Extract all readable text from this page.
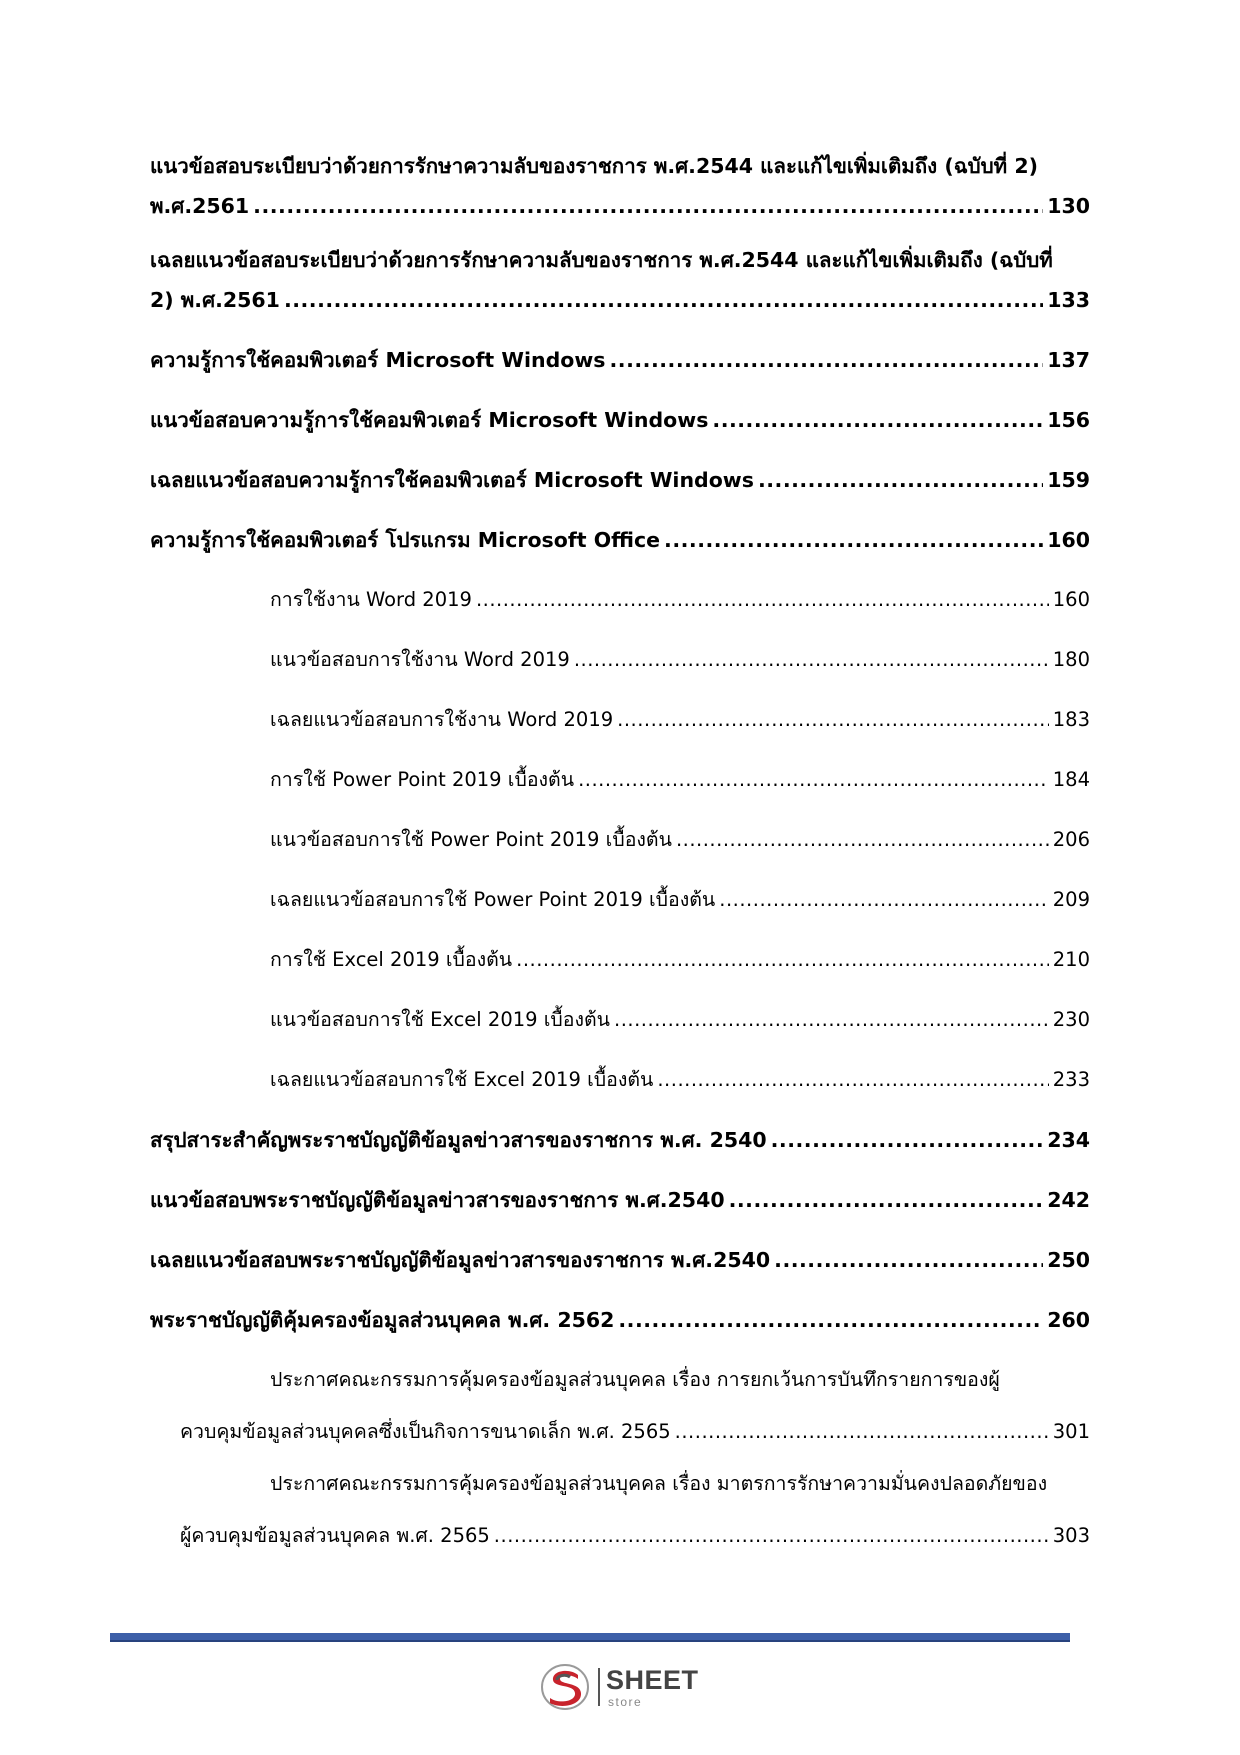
แนวข้อสอบระเบียบว่าด้วยการรักษาความลับของราชการ พ.ศ.2544 และแก้ไขเพิ่มเติมถึง (ฉบับที่ 2)
พ.ศ.2561 .....	130
เฉลยแนวข้อสอบระเบียบว่าด้วยการรักษาความลับของราชการ พ.ศ.2544 และแก้ไขเพิ่มเติมถึง (ฉบับที่
2) พ.ศ.2561 .....	133
ความรู้การใช้คอมพิวเตอร์ Microsoft Windows .....	137
แนวข้อสอบความรู้การใช้คอมพิวเตอร์ Microsoft Windows .....	156
เฉลยแนวข้อสอบความรู้การใช้คอมพิวเตอร์ Microsoft Windows .....	159
ความรู้การใช้คอมพิวเตอร์ โปรแกรม Microsoft Office .....	160
การใช้งาน Word 2019 .....	160
แนวข้อสอบการใช้งาน Word 2019 .....	180
เฉลยแนวข้อสอบการใช้งาน Word 2019 .....	183
การใช้ Power Point 2019 เบื้องต้น .....	184
แนวข้อสอบการใช้ Power Point 2019 เบื้องต้น .....	206
เฉลยแนวข้อสอบการใช้ Power Point 2019 เบื้องต้น .....	209
การใช้ Excel 2019 เบื้องต้น .....	210
แนวข้อสอบการใช้ Excel 2019 เบื้องต้น .....	230
เฉลยแนวข้อสอบการใช้ Excel 2019 เบื้องต้น .....	233
สรุปสาระสำคัญพระราชบัญญัติข้อมูลข่าวสารของราชการ พ.ศ. 2540 .....	234
แนวข้อสอบพระราชบัญญัติข้อมูลข่าวสารของราชการ พ.ศ.2540 .....	242
เฉลยแนวข้อสอบพระราชบัญญัติข้อมูลข่าวสารของราชการ พ.ศ.2540 .....	250
พระราชบัญญัติคุ้มครองข้อมูลส่วนบุคคล พ.ศ. 2562 .....	260
ประกาศคณะกรรมการคุ้มครองข้อมูลส่วนบุคคล เรื่อง การยกเว้นการบันทึกรายการของผู้
ควบคุมข้อมูลส่วนบุคคลซึ่งเป็นกิจการขนาดเล็ก พ.ศ. 2565 .....	301
ประกาศคณะกรรมการคุ้มครองข้อมูลส่วนบุคคล เรื่อง มาตรการรักษาความมั่นคงปลอดภัยของ
ผู้ควบคุมข้อมูลส่วนบุคคล พ.ศ. 2565 .....	303
SHEET
store
